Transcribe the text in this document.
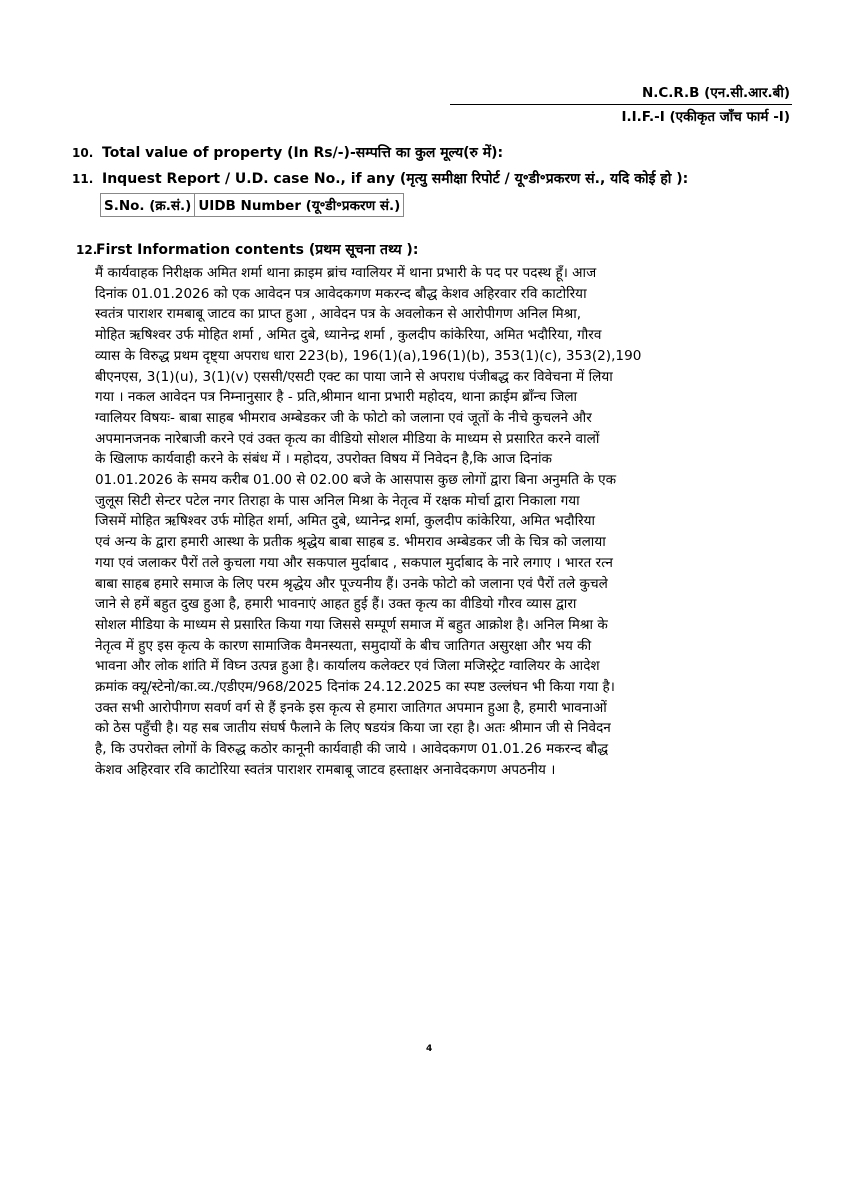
N.C.R.B (एन.सी.आर.बी)
I.I.F.-I (एकीकृत जाँच फार्म -I)
10. Total value of property (In Rs/-)-सम्पत्ति का कुल मूल्य(रु में):
11. Inquest Report / U.D. case No., if any (मृत्यु समीक्षा रिपोर्ट / यू॰डी॰प्रकरण सं., यदि कोई हो ):
S.No. (क्र.सं.)	UIDB Number (यू॰डी॰प्रकरण सं.)
12.First Information contents (प्रथम सूचना तथ्य ):
मैं कार्यवाहक निरीक्षक अमित शर्मा थाना क्राइम ब्रांच ग्वालियर में थाना प्रभारी के पद पर पदस्थ हूँ। आज
दिनांक 01.01.2026 को एक आवेदन पत्र आवेदकगण मकरन्द बौद्ध केशव अहिरवार रवि काटोरिया
स्वतंत्र पाराशर रामबाबू जाटव का प्राप्त हुआ , आवेदन पत्र के अवलोकन से आरोपीगण अनिल मिश्रा,
मोहित ऋषिश्वर उर्फ मोहित शर्मा , अमित दुबे, ध्यानेन्द्र शर्मा , कुलदीप कांकेरिया, अमित भदौरिया, गौरव
व्यास के विरुद्ध प्रथम दृष्ट्या अपराध धारा 223(b), 196(1)(a),196(1)(b), 353(1)(c), 353(2),190
बीएनएस, 3(1)(u), 3(1)(v) एससी/एसटी एक्ट का पाया जाने से अपराध पंजीबद्ध कर विवेचना में लिया
गया । नकल आवेदन पत्र निम्नानुसार है - प्रति,श्रीमान थाना प्रभारी महोदय, थाना क्राईम ब्राँन्च जिला
ग्वालियर विषयः- बाबा साहब भीमराव अम्बेडकर जी के फोटो को जलाना एवं जूतों के नीचे कुचलने और
अपमानजनक नारेबाजी करने एवं उक्त कृत्य का वीडियो सोशल मीडिया के माध्यम से प्रसारित करने वालों
के खिलाफ कार्यवाही करने के संबंध में । महोदय, उपरोक्त विषय में निवेदन है,कि आज दिनांक
01.01.2026 के समय करीब 01.00 से 02.00 बजे के आसपास कुछ लोगों द्वारा बिना अनुमति के एक
जुलूस सिटी सेन्टर पटेल नगर तिराहा के पास अनिल मिश्रा के नेतृत्व में रक्षक मोर्चा द्वारा निकाला गया
जिसमें मोहित ऋषिश्वर उर्फ मोहित शर्मा, अमित दुबे, ध्यानेन्द्र शर्मा, कुलदीप कांकेरिया, अमित भदौरिया
एवं अन्य के द्वारा हमारी आस्था के प्रतीक श्रृद्धेय बाबा साहब ड. भीमराव अम्बेडकर जी के चित्र को जलाया
गया एवं जलाकर पैरों तले कुचला गया और सकपाल मुर्दाबाद , सकपाल मुर्दाबाद के नारे लगाए । भारत रत्न
बाबा साहब हमारे समाज के लिए परम श्रृद्धेय और पूज्यनीय हैं। उनके फोटो को जलाना एवं पैरों तले कुचले
जाने से हमें बहुत दुख हुआ है, हमारी भावनाएं आहत हुई हैं। उक्त कृत्य का वीडियो गौरव व्यास द्वारा
सोशल मीडिया के माध्यम से प्रसारित किया गया जिससे सम्पूर्ण समाज में बहुत आक्रोश है। अनिल मिश्रा के
नेतृत्व में हुए इस कृत्य के कारण सामाजिक वैमनस्यता, समुदायों के बीच जातिगत असुरक्षा और भय की
भावना और लोक शांति में विघ्न उत्पन्न हुआ है। कार्यालय कलेक्टर एवं जिला मजिस्ट्रेट ग्वालियर के आदेश
क्रमांक क्यू/स्टेनो/का.व्य./एडीएम/968/2025 दिनांक 24.12.2025 का स्पष्ट उल्लंघन भी किया गया है।
उक्त सभी आरोपीगण सवर्ण वर्ग से हैं इनके इस कृत्य से हमारा जातिगत अपमान हुआ है, हमारी भावनाओं
को ठेस पहुँची है। यह सब जातीय संघर्ष फैलाने के लिए षडयंत्र किया जा रहा है। अतः श्रीमान जी से निवेदन
है, कि उपरोक्त लोगों के विरुद्ध कठोर कानूनी कार्यवाही की जाये । आवेदकगण 01.01.26 मकरन्द बौद्ध
केशव अहिरवार रवि काटोरिया स्वतंत्र पाराशर रामबाबू जाटव हस्ताक्षर अनावेदकगण अपठनीय ।
4
